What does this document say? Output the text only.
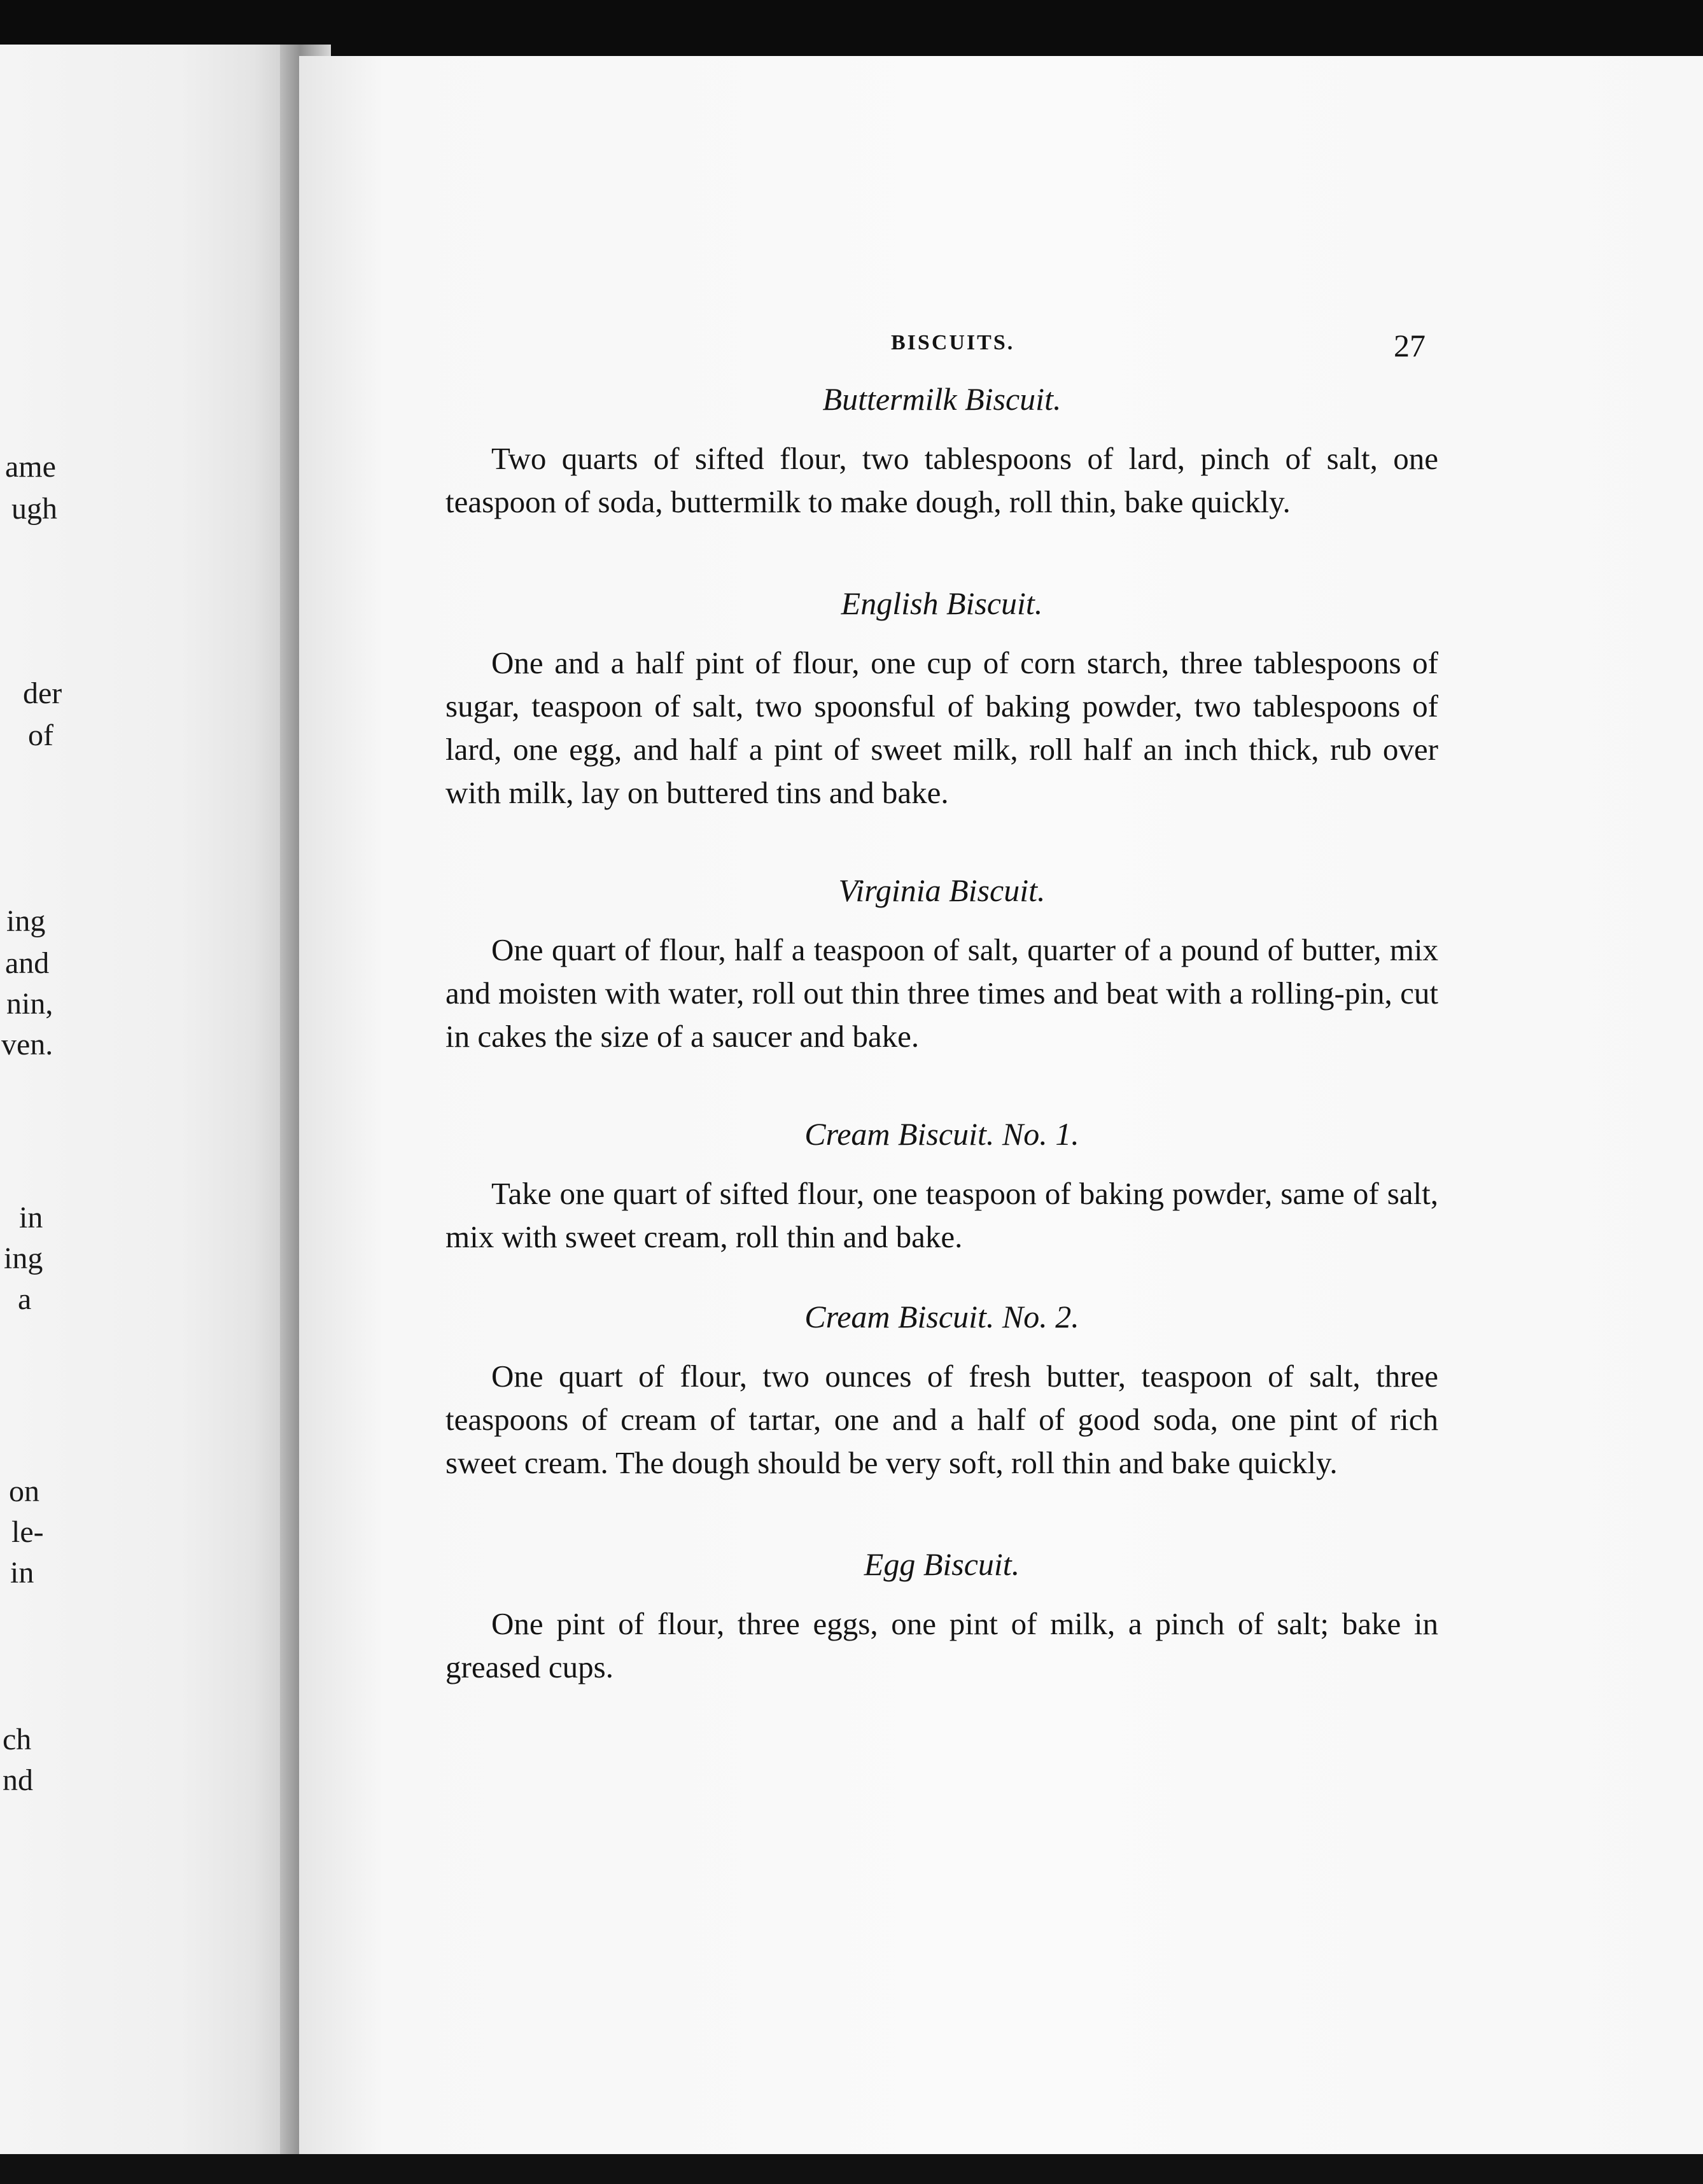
ame
ugh
der
of
ing
and
nin,
ven.
in
ing
a
on
le-
in
ch
nd
BISCUITS.	27
Buttermilk Biscuit.

Two quarts of sifted flour, two tablespoons of lard, pinch of salt, one teaspoon of soda, buttermilk to make dough, roll thin, bake quickly.

English Biscuit.

One and a half pint of flour, one cup of corn starch, three tablespoons of sugar, teaspoon of salt, two spoonsful of baking powder, two tablespoons of lard, one egg, and half a pint of sweet milk, roll half an inch thick, rub over with milk, lay on buttered tins and bake.

Virginia Biscuit.

One quart of flour, half a teaspoon of salt, quarter of a pound of butter, mix and moisten with water, roll out thin three times and beat with a rolling-pin, cut in cakes the size of a saucer and bake.

Cream Biscuit. No. 1.

Take one quart of sifted flour, one teaspoon of baking powder, same of salt, mix with sweet cream, roll thin and bake.

Cream Biscuit. No. 2.

One quart of flour, two ounces of fresh butter, teaspoon of salt, three teaspoons of cream of tartar, one and a half of good soda, one pint of rich sweet cream. The dough should be very soft, roll thin and bake quickly.

Egg Biscuit.

One pint of flour, three eggs, one pint of milk, a pinch of salt; bake in greased cups.
